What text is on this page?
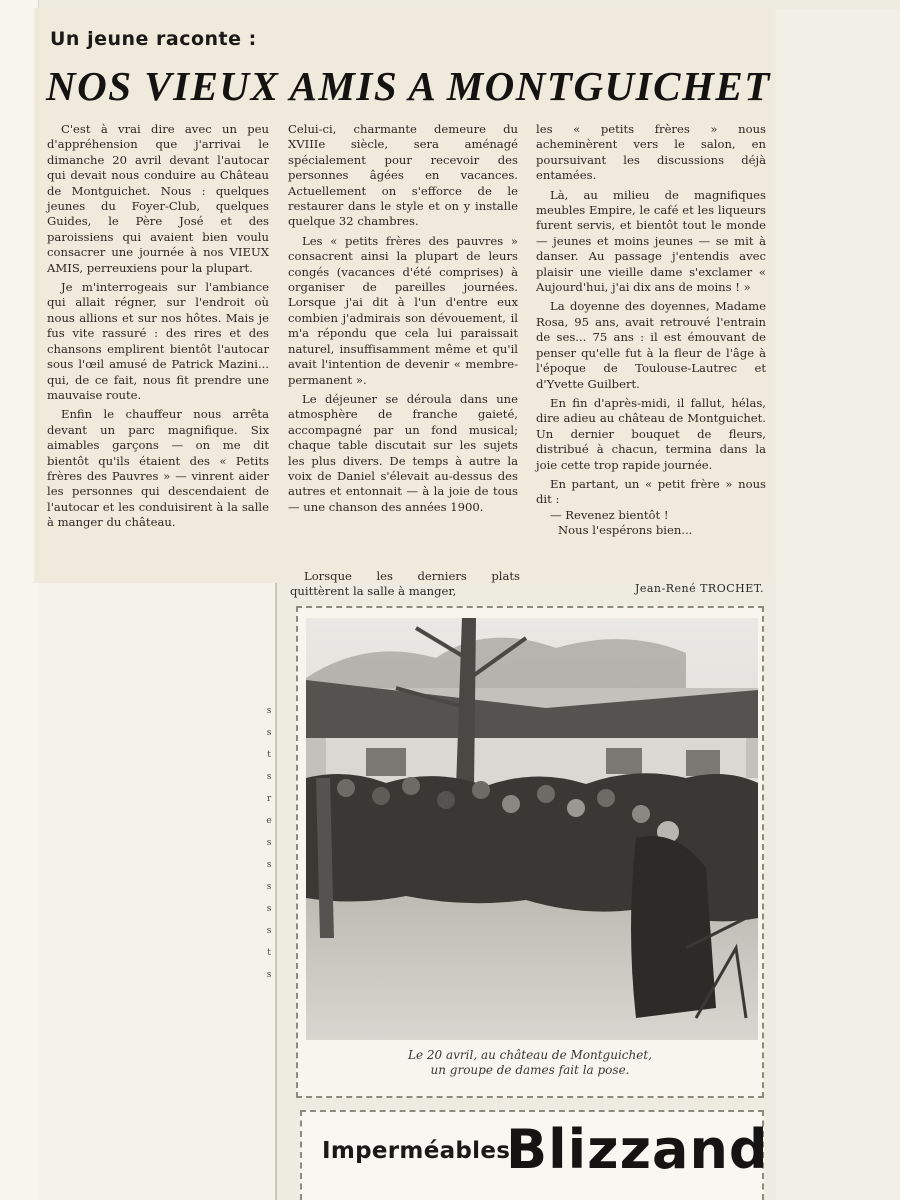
s
s
t
s
r
e
s
s
s
s
s
t
s
Un jeune raconte :
NOS VIEUX AMIS A MONTGUICHET

C'est à vrai dire avec un peu d'appréhension que j'arrivai le dimanche 20 avril devant l'autocar qui devait nous conduire au Château de Montguichet. Nous : quelques jeunes du Foyer-Club, quelques Guides, le Père José et des paroissiens qui avaient bien voulu consacrer une journée à nos VIEUX AMIS, perreuxiens pour la plupart.

Je m'interrogeais sur l'ambiance qui allait régner, sur l'endroit où nous allions et sur nos hôtes. Mais je fus vite rassuré : des rires et des chansons emplirent bientôt l'autocar sous l'œil amusé de Patrick Mazini... qui, de ce fait, nous fit prendre une mauvaise route.

Enfin le chauffeur nous arrêta devant un parc magnifique. Six aimables garçons — on me dit bientôt qu'ils étaient des « Petits frères des Pauvres » — vinrent aider les personnes qui descendaient de l'autocar et les conduisirent à la salle à manger du château.

Celui-ci, charmante demeure du XVIIIe siècle, sera aménagé spécialement pour recevoir des personnes âgées en vacances. Actuellement on s'efforce de le restaurer dans le style et on y installe quelque 32 chambres.

Les « petits frères des pauvres » consacrent ainsi la plupart de leurs congés (vacances d'été comprises) à organiser de pareilles journées. Lorsque j'ai dit à l'un d'entre eux combien j'admirais son dévouement, il m'a répondu que cela lui paraissait naturel, insuffisamment même et qu'il avait l'intention de devenir « membre-permanent ».

Le déjeuner se déroula dans une atmosphère de franche gaieté, accompagné par un fond musical; chaque table discutait sur les sujets les plus divers. De temps à autre la voix de Daniel s'élevait au-dessus des autres et entonnait — à la joie de tous — une chanson des années 1900.

Lorsque les derniers plats quittèrent la salle à manger,

les « petits frères » nous acheminèrent vers le salon, en poursuivant les discussions déjà entamées.

Là, au milieu de magnifiques meubles Empire, le café et les liqueurs furent servis, et bientôt tout le monde — jeunes et moins jeunes — se mit à danser. Au passage j'entendis avec plaisir une vieille dame s'exclamer « Aujourd'hui, j'ai dix ans de moins ! »

La doyenne des doyennes, Madame Rosa, 95 ans, avait retrouvé l'entrain de ses... 75 ans : il est émouvant de penser qu'elle fut à la fleur de l'âge à l'époque de Toulouse-Lautrec et d'Yvette Guilbert.

En fin d'après-midi, il fallut, hélas, dire adieu au château de Montguichet. Un dernier bouquet de fleurs, distribué à chacun, termina dans la joie cette trop rapide journée.

En partant, un « petit frère » nous dit :

— Revenez bientôt !

Nous l'espérons bien...

Jean-René TROCHET.
Le 20 avril, au château de Montguichet,
un groupe de dames fait la pose.
Imperméables
Blizzand
